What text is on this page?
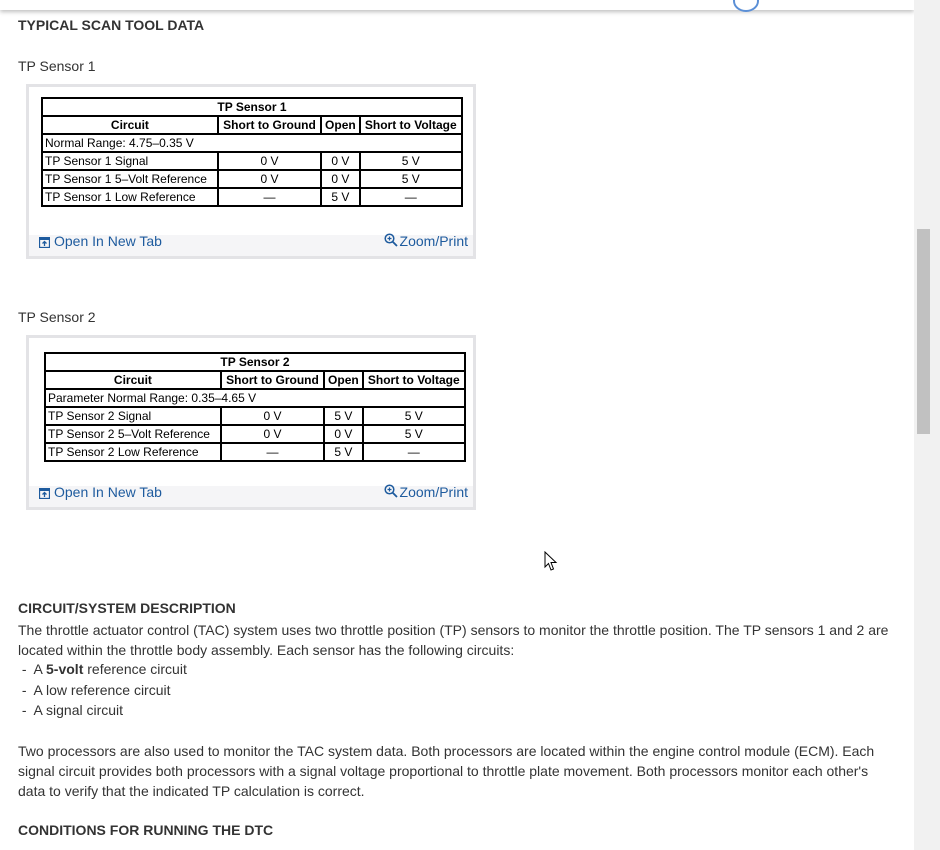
TYPICAL SCAN TOOL DATA
TP Sensor 1
TP Sensor 1			
Circuit	Short to Ground	Open	Short to Voltage
Normal Range: 4.75–0.35 V			
TP Sensor 1 Signal	0 V	0 V	5 V
TP Sensor 1 5–Volt Reference	0 V	0 V	5 V
TP Sensor 1 Low Reference	—	5 V	—
Open In New Tab	Zoom/Print
TP Sensor 2
TP Sensor 2			
Circuit	Short to Ground	Open	Short to Voltage
Parameter Normal Range: 0.35–4.65 V			
TP Sensor 2 Signal	0 V	5 V	5 V
TP Sensor 2 5–Volt Reference	0 V	0 V	5 V
TP Sensor 2 Low Reference	—	5 V	—
Open In New Tab	Zoom/Print
CIRCUIT/SYSTEM DESCRIPTION
The throttle actuator control (TAC) system uses two throttle position (TP) sensors to monitor the throttle position. The TP sensors 1 and 2 are located within the throttle body assembly. Each sensor has the following circuits:
-  A 5-volt reference circuit
-  A low reference circuit
-  A signal circuit
Two processors are also used to monitor the TAC system data. Both processors are located within the engine control module (ECM). Each signal circuit provides both processors with a signal voltage proportional to throttle plate movement. Both processors monitor each other's data to verify that the indicated TP calculation is correct.
CONDITIONS FOR RUNNING THE DTC
